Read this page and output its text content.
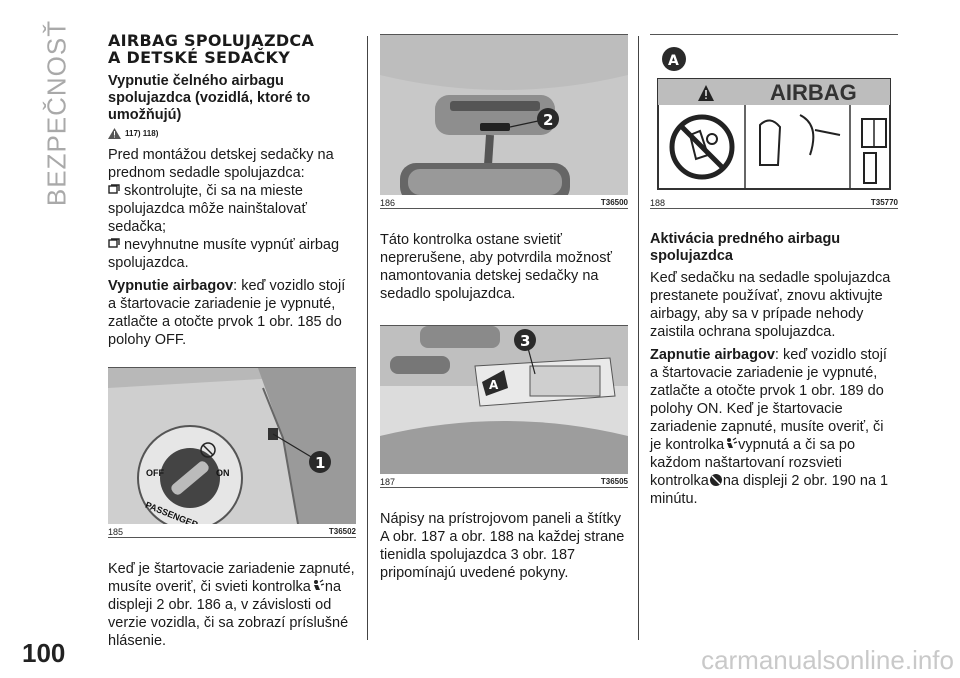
BEZPEČNOSŤ
100	carmanualsonline.info
AIRBAG SPOLUJAZDCA
A DETSKÉ SEDAČKY
Vypnutie čelného airbagu spolujazdca (vozidlá, ktoré to umožňujú)
117) 118)

Pred montážou detskej sedačky na prednom sedadle spolujazdca:

skontrolujte, či sa na mieste spolujazdca môže nainštalovať sedačka;

nevyhnutne musíte vypnúť airbag spolujazdca.

Vypnutie airbagov: keď vozidlo stojí a štartovacie zariadenie je vypnuté, zatlačte a otočte prvok 1 obr. 185 do polohy OFF.

OFF	ON
1
185	T36502

Keď je štartovacie zariadenie zapnuté, musíte overiť, či svieti kontrolka na displeji 2 obr. 186 a, v závislosti od verzie vozidla, či sa zobrazí príslušné hlásenie.

2
186	T36500

Táto kontrolka ostane svietiť neprerušene, aby potvrdila možnosť namontovania detskej sedačky na sedadlo spolujazdca.

A
3
187	T36505

Nápisy na prístrojovom paneli a štítky A obr. 187 a obr. 188 na každej strane tienidla spolujazdca 3 obr. 187 pripomínajú uvedené pokyny.

A
AIRBAG
188	T35770
Aktivácia predného airbagu spolujazdca

Keď sedačku na sedadle spolujazdca prestanete používať, znovu aktivujte airbagy, aby sa v prípade nehody zaistila ochrana spolujazdca.

Zapnutie airbagov: keď vozidlo stojí a štartovacie zariadenie je vypnuté, zatlačte a otočte prvok 1 obr. 189 do polohy ON. Keď je štartovacie zariadenie zapnuté, musíte overiť, či je kontrolka vypnutá a či sa po každom naštartovaní rozsvieti kontrolka na displeji 2 obr. 190 na 1 minútu.
